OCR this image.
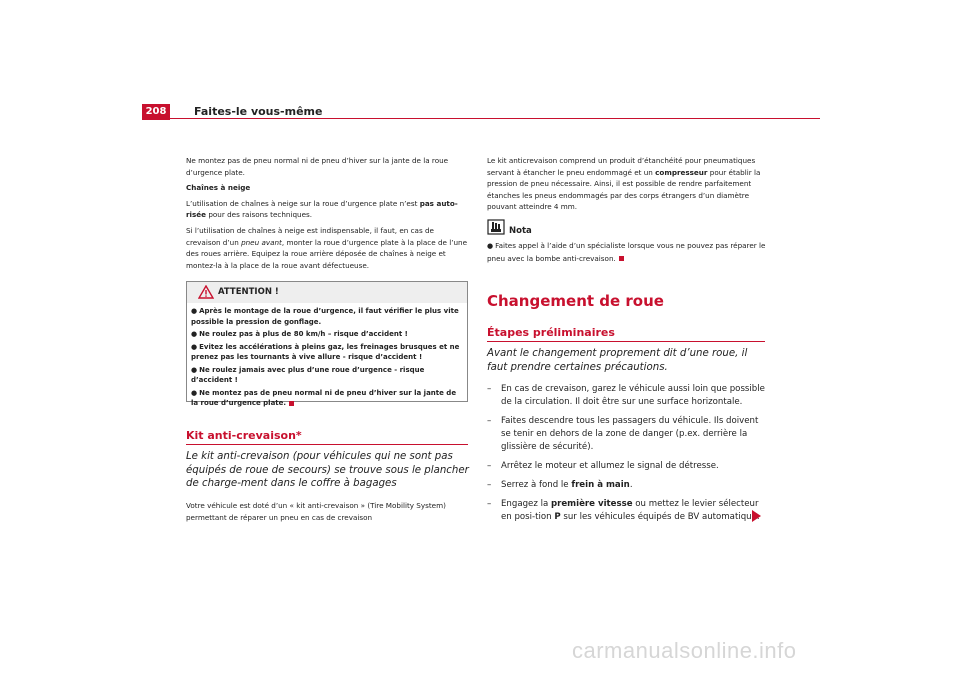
208	Faites-le vous-même

Ne montez pas de pneu normal ni de pneu d’hiver sur la jante de la roue d’urgence plate.

Chaînes à neige

L’utilisation de chaînes à neige sur la roue d’urgence plate n’est pas auto-risée pour des raisons techniques.

Si l’utilisation de chaînes à neige est indispensable, il faut, en cas de crevaison d’un pneu avant, monter la roue d’urgence plate à la place de l’une des roues arrière. Equipez la roue arrière déposée de chaînes à neige et montez-la à la place de la roue avant défectueuse.

ATTENTION !
● Après le montage de la roue d’urgence, il faut vérifier le plus vite possible la pression de gonflage.
● Ne roulez pas à plus de 80 km/h – risque d’accident !
● Evitez les accélérations à pleins gaz, les freinages brusques et ne prenez pas les tournants à vive allure - risque d’accident !
● Ne roulez jamais avec plus d’une roue d’urgence - risque d’accident !
● Ne montez pas de pneu normal ni de pneu d’hiver sur la jante de la roue d’urgence plate.
Kit anti-crevaison*
Le kit anti-crevaison (pour véhicules qui ne sont pas équipés de roue de secours) se trouve sous le plancher de charge-ment dans le coffre à bagages
Votre véhicule est doté d’un « kit anti-crevaison » (Tire Mobility System) permettant de réparer un pneu en cas de crevaison
Le kit anticrevaison comprend un produit d’étanchéité pour pneumatiques servant à étancher le pneu endommagé et un compresseur pour établir la pression de pneu nécessaire. Ainsi, il est possible de rendre parfaitement étanches les pneus endommagés par des corps étrangers d’un diamètre pouvant atteindre 4 mm.
Nota
● Faites appel à l’aide d’un spécialiste lorsque vous ne pouvez pas réparer le pneu avec la bombe anti-crevaison.
Changement de roue
Étapes préliminaires
Avant le changement proprement dit d’une roue, il faut prendre certaines précautions.
– En cas de crevaison, garez le véhicule aussi loin que possible de la circulation. Il doit être sur une surface horizontale.
– Faites descendre tous les passagers du véhicule. Ils doivent se tenir en dehors de la zone de danger (p.ex. derrière la glissière de sécurité).
– Arrêtez le moteur et allumez le signal de détresse.
– Serrez à fond le frein à main.
– Engagez la première vitesse ou mettez le levier sélecteur en posi-tion P sur les véhicules équipés de BV automatique.
carmanualsonline.info
